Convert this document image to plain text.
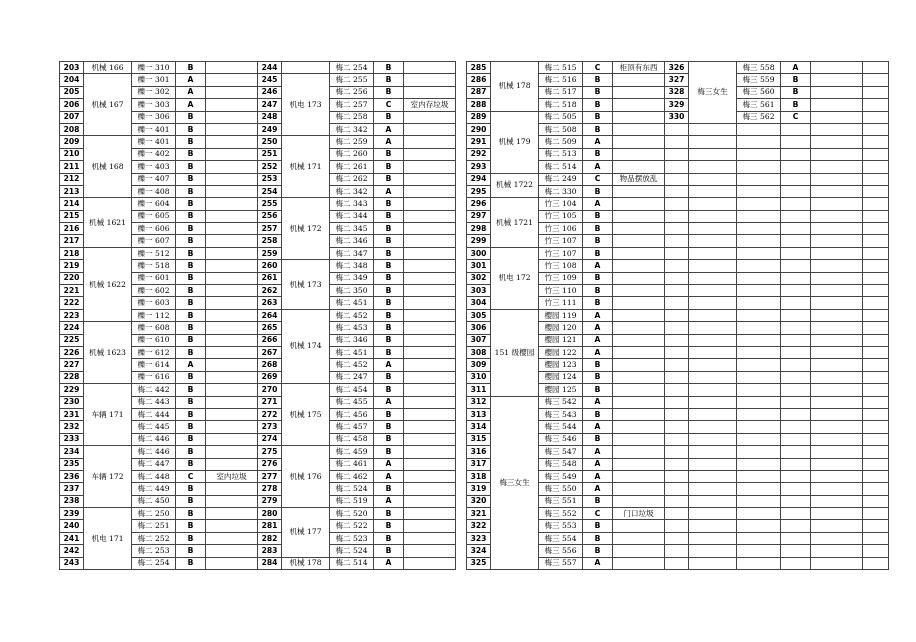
203	机械 166	櫟一 310	B		244		梅二 254	B	
204	机械 167	櫟一 301	A		245	机电 173	梅二 255	B	
205		櫟一 302	A		246		梅二 256	B	
206		櫟一 303	A		247		梅二 257	C	室内存垃圾
207		櫟一 306	B		248		梅二 258	B	
208		櫟一 401	B		249		梅二 342	A	
209	机械 168	櫟一 401	B		250	机械 171	梅二 259	A	
210		櫟一 402	B		251		梅二 260	B	
211		櫟一 403	B		252		梅二 261	B	
212		櫟一 407	B		253		梅二 262	B	
213		櫟一 408	B		254		梅二 342	A	
214	机械 1621	櫟一 604	B		255	机械 172	梅二 343	B	
215		櫟一 605	B		256		梅二 344	B	
216		櫟一 606	B		257		梅二 345	B	
217		櫟一 607	B		258		梅二 346	B	
218	机械 1622	櫟一 512	B		259		梅二 347	B	
219		櫟一 518	B		260	机械 173	梅二 348	B	
220		櫟一 601	B		261		梅二 349	B	
221		櫟一 602	B		262		梅二 350	B	
222		櫟一 603	B		263		梅二 451	B	
223		櫟一 112	B		264	机械 174	梅二 452	B	
224	机械 1623	櫟一 608	B		265		梅二 453	B	
225		櫟一 610	B		266		梅二 346	B	
226		櫟一 612	B		267		梅二 451	B	
227		櫟一 614	A		268		梅二 452	A	
228		櫟一 616	B		269		梅二 247	B	
229	车辆 171	梅二 442	B		270	机械 175	梅二 454	B	
230		梅二 443	B		271		梅二 455	A	
231		梅二 444	B		272		梅二 456	B	
232		梅二 445	B		273		梅二 457	B	
233		梅二 446	B		274		梅二 458	B	
234	车辆 172	梅二 446	B		275	机械 176	梅二 459	B	
235		梅二 447	B		276		梅二 461	A	
236		梅二 448	C	室内垃圾	277		梅二 462	A	
237		梅二 449	B		278		梅二 524	B	
238		梅二 450	B		279		梅二 519	A	
239	机电 171	梅二 250	B		280	机械 177	梅二 520	B	
240		梅二 251	B		281		梅二 522	B	
241		梅二 252	B		282		梅二 523	B	
242		梅二 253	B		283		梅二 524	B	
243		梅二 254	B		284	机械 178	梅二 514	A	
285	机械 178	梅二 515	C	柜顶有东西	326	梅三女生	梅三 558	A		
286		梅二 516	B		327		梅三 559	B		
287		梅二 517	B		328		梅三 560	B		
288		梅二 518	B		329		梅三 561	B		
289	机械 179	梅二 505	B		330		梅三 562	C		
290		梅二 508	B							
291		梅二 509	A							
292		梅二 513	B							
293		梅二 514	A							
294	机械 1722	梅二 249	C	物品摆放乱						
295		梅二 330	B							
296	机械 1721	竹三 104	A							
297		竹三 105	B							
298		竹三 106	B							
299		竹三 107	B							
300	机电 172	竹三 107	B							
301		竹三 108	A							
302		竹三 109	B							
303		竹三 110	B							
304		竹三 111	B							
305	151 级樱园	樱园 119	A							
306		樱园 120	A							
307		樱园 121	A							
308		樱园 122	A							
309		樱园 123	B							
310		樱园 124	B							
311		樱园 125	B							
312	梅三女生	梅三 542	A							
313		梅三 543	B							
314		梅三 544	A							
315		梅三 546	B							
316		梅三 547	A							
317		梅三 548	A							
318		梅三 549	A							
319		梅三 550	A							
320		梅三 551	B							
321		梅三 552	C	门口垃圾						
322		梅三 553	B							
323		梅三 554	B							
324		梅三 556	B							
325		梅三 557	A							
